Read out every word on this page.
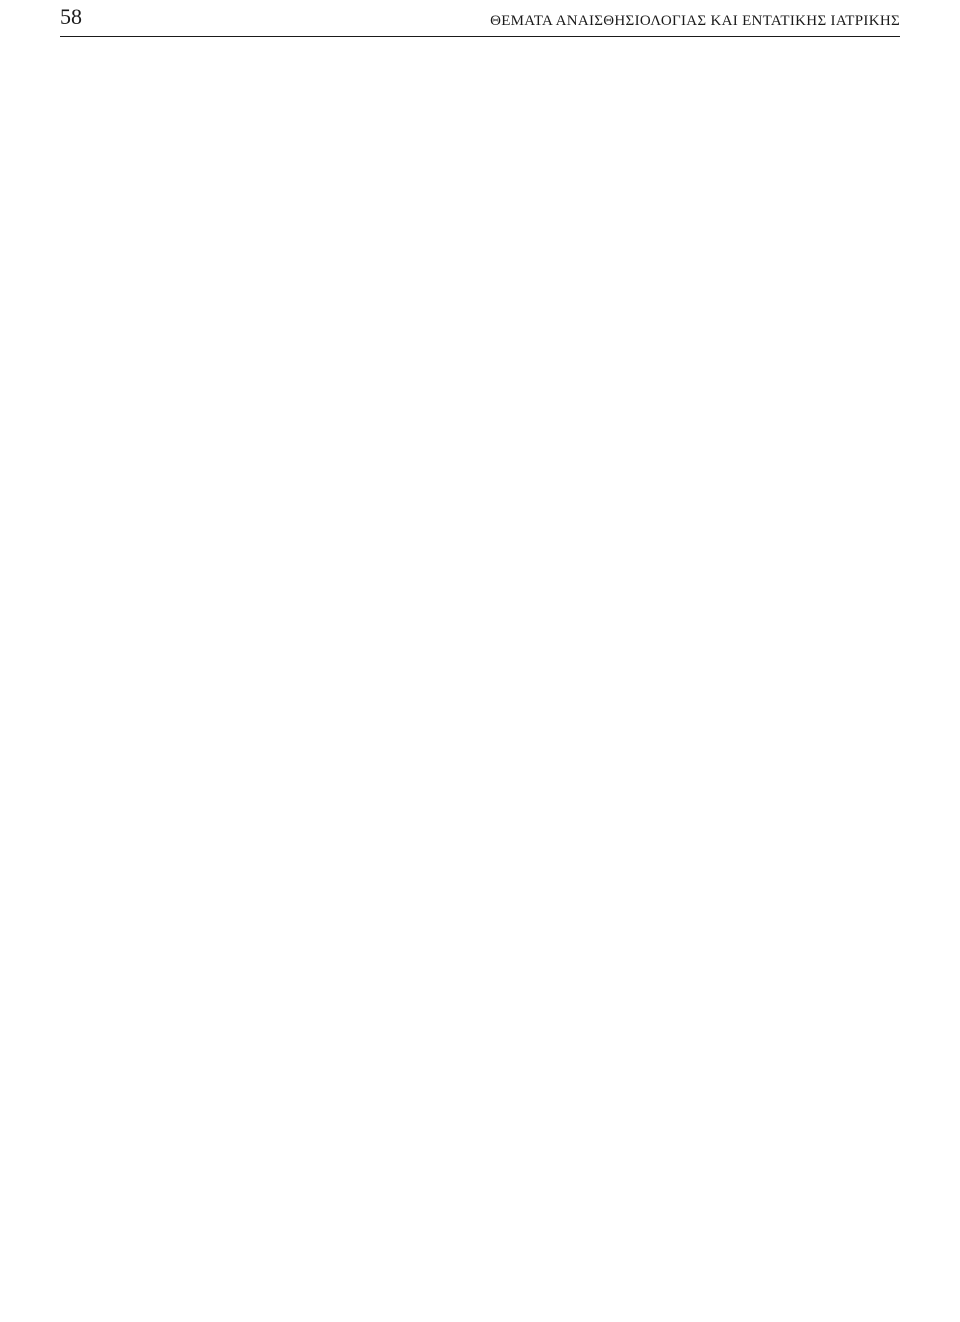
58	ΘΕΜΑΤΑ ΑΝΑΙΣΘΗΣΙΟΛΟΓΙΑΣ ΚΑΙ ΕΝΤΑΤΙΚΗΣ ΙΑΤΡΙΚΗΣ
